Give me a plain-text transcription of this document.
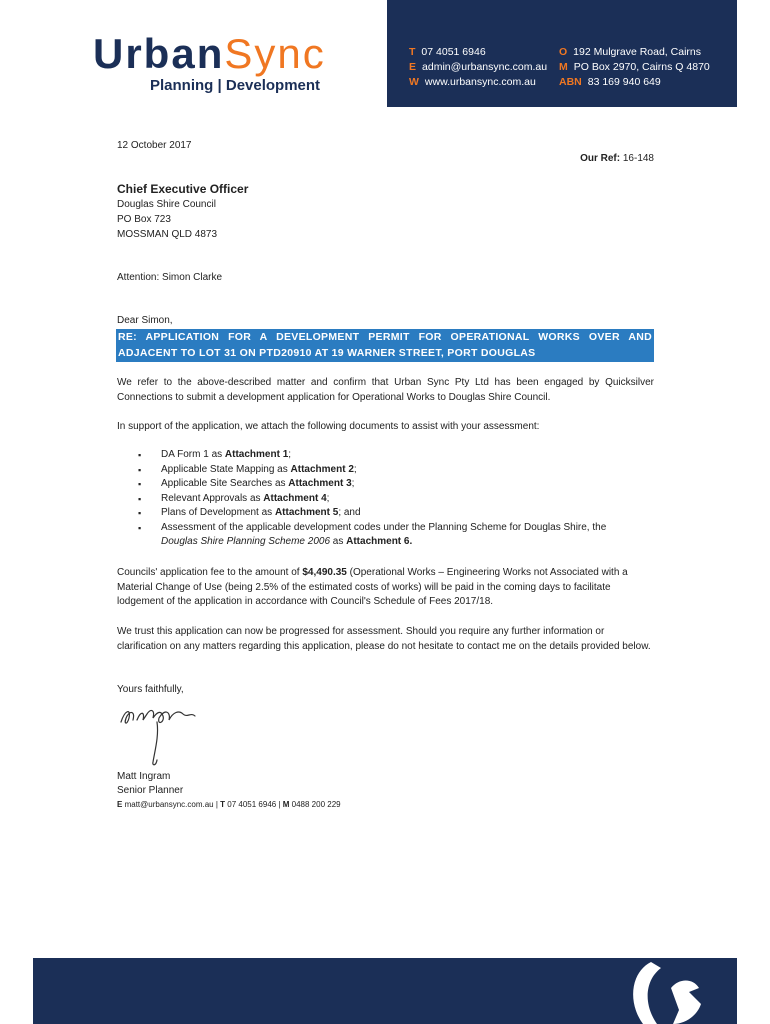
UrbanSync
Planning | Development
T 07 4051 6946
E admin@urbansync.com.au
W www.urbansync.com.au
O 192 Mulgrave Road, Cairns
M PO Box 2970, Cairns Q 4870
ABN 83 169 940 649
12 October 2017
Our Ref: 16-148
Chief Executive Officer
Douglas Shire Council
PO Box 723
MOSSMAN QLD 4873
Attention: Simon Clarke
Dear Simon,
RE: APPLICATION FOR A DEVELOPMENT PERMIT FOR OPERATIONAL WORKS OVER AND
ADJACENT TO LOT 31 ON PTD20910 AT 19 WARNER STREET, PORT DOUGLAS
We refer to the above-described matter and confirm that Urban Sync Pty Ltd has been engaged by Quicksilver Connections to submit a development application for Operational Works to Douglas Shire Council.
In support of the application, we attach the following documents to assist with your assessment:
▪ DA Form 1 as Attachment 1;
▪ Applicable State Mapping as Attachment 2;
▪ Applicable Site Searches as Attachment 3;
▪ Relevant Approvals as Attachment 4;
▪ Plans of Development as Attachment 5; and
▪ Assessment of the applicable development codes under the Planning Scheme for Douglas Shire, the
Douglas Shire Planning Scheme 2006 as Attachment 6.
Councils' application fee to the amount of $4,490.35 (Operational Works – Engineering Works not Associated with a Material Change of Use (being 2.5% of the estimated costs of works) will be paid in the coming days to facilitate lodgement of the application in accordance with Council's Schedule of Fees 2017/18.
We trust this application can now be progressed for assessment. Should you require any further information or clarification on any matters regarding this application, please do not hesitate to contact me on the details provided below.
Yours faithfully,
Matt Ingram
Senior Planner
E matt@urbansync.com.au | T 07 4051 6946 | M 0488 200 229
